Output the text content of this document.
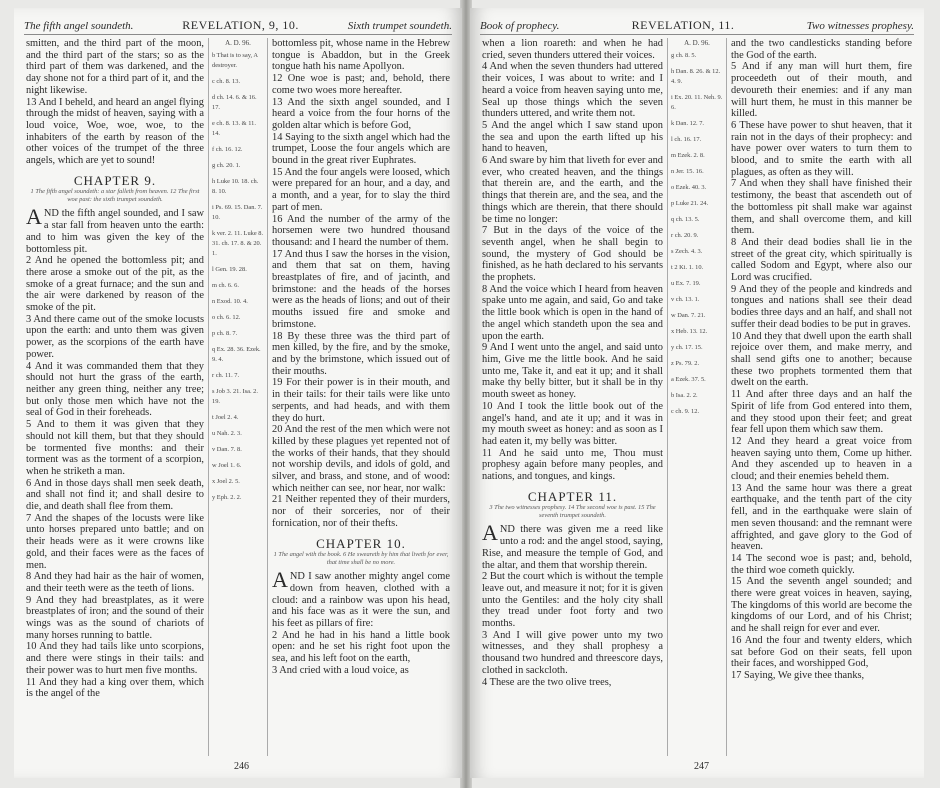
The fifth angel soundeth.	REVELATION, 9, 10.	Sixth trumpet soundeth.

smitten, and the third part of the moon, and the third part of the stars; so as the third part of them was darkened, and the day shone not for a third part of it, and the night likewise.

13 And I beheld, and heard an angel flying through the midst of heaven, saying with a loud voice, Woe, woe, woe, to the inhabiters of the earth by reason of the other voices of the trumpet of the three angels, which are yet to sound!

CHAPTER 9.
1 The fifth angel soundeth: a star falleth from heaven. 12 The first woe past: the sixth trumpet soundeth.

AND the fifth angel sounded, and I saw a star fall from heaven unto the earth: and to him was given the key of the bottomless pit.

2 And he opened the bottomless pit; and there arose a smoke out of the pit, as the smoke of a great furnace; and the sun and the air were darkened by reason of the smoke of the pit.

3 And there came out of the smoke locusts upon the earth: and unto them was given power, as the scorpions of the earth have power.

4 And it was commanded them that they should not hurt the grass of the earth, neither any green thing, neither any tree; but only those men which have not the seal of God in their foreheads.

5 And to them it was given that they should not kill them, but that they should be tormented five months: and their torment was as the torment of a scorpion, when he striketh a man.

6 And in those days shall men seek death, and shall not find it; and shall desire to die, and death shall flee from them.

7 And the shapes of the locusts were like unto horses prepared unto battle; and on their heads were as it were crowns like gold, and their faces were as the faces of men.

8 And they had hair as the hair of women, and their teeth were as the teeth of lions.

9 And they had breastplates, as it were breastplates of iron; and the sound of their wings was as the sound of chariots of many horses running to battle.

10 And they had tails like unto scorpions, and there were stings in their tails: and their power was to hurt men five months.

11 And they had a king over them, which is the angel of the

A. D. 96.

b That is to say, A destroyer.

c ch. 8. 13.

d ch. 14. 6. & 16. 17.

e ch. 8. 13. & 11. 14.

f ch. 16. 12.

g ch. 20. 1.

h Luke 10. 18. ch. 8. 10.

i Ps. 69. 15. Dan. 7. 10.

k ver. 2. 11. Luke 8. 31. ch. 17. 8. & 20. 1.

l Gen. 19. 28.

m ch. 6. 6.

n Exod. 10. 4.

o ch. 6. 12.

p ch. 8. 7.

q Ex. 28. 36. Ezek. 9. 4.

r ch. 11. 7.

s Job 3. 21. Isa. 2. 19.

t Joel 2. 4.

u Nah. 2. 3.

v Dan. 7. 8.

w Joel 1. 6.

x Joel 2. 5.

y Eph. 2. 2.

bottomless pit, whose name in the Hebrew tongue is Abaddon, but in the Greek tongue hath his name Apollyon.

12 One woe is past; and, behold, there come two woes more hereafter.

13 And the sixth angel sounded, and I heard a voice from the four horns of the golden altar which is before God,

14 Saying to the sixth angel which had the trumpet, Loose the four angels which are bound in the great river Euphrates.

15 And the four angels were loosed, which were prepared for an hour, and a day, and a month, and a year, for to slay the third part of men.

16 And the number of the army of the horsemen were two hundred thousand thousand: and I heard the number of them.

17 And thus I saw the horses in the vision, and them that sat on them, having breastplates of fire, and of jacinth, and brimstone: and the heads of the horses were as the heads of lions; and out of their mouths issued fire and smoke and brimstone.

18 By these three was the third part of men killed, by the fire, and by the smoke, and by the brimstone, which issued out of their mouths.

19 For their power is in their mouth, and in their tails: for their tails were like unto serpents, and had heads, and with them they do hurt.

20 And the rest of the men which were not killed by these plagues yet repented not of the works of their hands, that they should not worship devils, and idols of gold, and silver, and brass, and stone, and of wood: which neither can see, nor hear, nor walk:

21 Neither repented they of their murders, nor of their sorceries, nor of their fornication, nor of their thefts.

CHAPTER 10.
1 The angel with the book. 6 He sweareth by him that liveth for ever, that time shall be no more.

AND I saw another mighty angel come down from heaven, clothed with a cloud: and a rainbow was upon his head, and his face was as it were the sun, and his feet as pillars of fire:

2 And he had in his hand a little book open: and he set his right foot upon the sea, and his left foot on the earth,

3 And cried with a loud voice, as

246
Book of prophecy.	REVELATION, 11.	Two witnesses prophesy.

when a lion roareth: and when he had cried, seven thunders uttered their voices.

4 And when the seven thunders had uttered their voices, I was about to write: and I heard a voice from heaven saying unto me, Seal up those things which the seven thunders uttered, and write them not.

5 And the angel which I saw stand upon the sea and upon the earth lifted up his hand to heaven,

6 And sware by him that liveth for ever and ever, who created heaven, and the things that therein are, and the earth, and the things that therein are, and the sea, and the things which are therein, that there should be time no longer:

7 But in the days of the voice of the seventh angel, when he shall begin to sound, the mystery of God should be finished, as he hath declared to his servants the prophets.

8 And the voice which I heard from heaven spake unto me again, and said, Go and take the little book which is open in the hand of the angel which standeth upon the sea and upon the earth.

9 And I went unto the angel, and said unto him, Give me the little book. And he said unto me, Take it, and eat it up; and it shall make thy belly bitter, but it shall be in thy mouth sweet as honey.

10 And I took the little book out of the angel's hand, and ate it up; and it was in my mouth sweet as honey: and as soon as I had eaten it, my belly was bitter.

11 And he said unto me, Thou must prophesy again before many peoples, and nations, and tongues, and kings.

CHAPTER 11.
3 The two witnesses prophesy. 14 The second woe is past. 15 The seventh trumpet soundeth.

AND there was given me a reed like unto a rod: and the angel stood, saying, Rise, and measure the temple of God, and the altar, and them that worship therein.

2 But the court which is without the temple leave out, and measure it not; for it is given unto the Gentiles: and the holy city shall they tread under foot forty and two months.

3 And I will give power unto my two witnesses, and they shall prophesy a thousand two hundred and threescore days, clothed in sackcloth.

4 These are the two olive trees,

A. D. 96.

g ch. 8. 5.

h Dan. 8. 26. & 12. 4. 9.

i Ex. 20. 11. Neh. 9. 6.

k Dan. 12. 7.

l ch. 16. 17.

m Ezek. 2. 8.

n Jer. 15. 16.

o Ezek. 40. 3.

p Luke 21. 24.

q ch. 13. 5.

r ch. 20. 9.

s Zech. 4. 3.

t 2 Ki. 1. 10.

u Ex. 7. 19.

v ch. 13. 1.

w Dan. 7. 21.

x Heb. 13. 12.

y ch. 17. 15.

z Ps. 79. 2.

a Ezek. 37. 5.

b Isa. 2. 2.

c ch. 9. 12.

and the two candlesticks standing before the God of the earth.

5 And if any man will hurt them, fire proceedeth out of their mouth, and devoureth their enemies: and if any man will hurt them, he must in this manner be killed.

6 These have power to shut heaven, that it rain not in the days of their prophecy: and have power over waters to turn them to blood, and to smite the earth with all plagues, as often as they will.

7 And when they shall have finished their testimony, the beast that ascendeth out of the bottomless pit shall make war against them, and shall overcome them, and kill them.

8 And their dead bodies shall lie in the street of the great city, which spiritually is called Sodom and Egypt, where also our Lord was crucified.

9 And they of the people and kindreds and tongues and nations shall see their dead bodies three days and an half, and shall not suffer their dead bodies to be put in graves.

10 And they that dwell upon the earth shall rejoice over them, and make merry, and shall send gifts one to another; because these two prophets tormented them that dwelt on the earth.

11 And after three days and an half the Spirit of life from God entered into them, and they stood upon their feet; and great fear fell upon them which saw them.

12 And they heard a great voice from heaven saying unto them, Come up hither. And they ascended up to heaven in a cloud; and their enemies beheld them.

13 And the same hour was there a great earthquake, and the tenth part of the city fell, and in the earthquake were slain of men seven thousand: and the remnant were affrighted, and gave glory to the God of heaven.

14 The second woe is past; and, behold, the third woe cometh quickly.

15 And the seventh angel sounded; and there were great voices in heaven, saying, The kingdoms of this world are become the kingdoms of our Lord, and of his Christ; and he shall reign for ever and ever.

16 And the four and twenty elders, which sat before God on their seats, fell upon their faces, and worshipped God,

17 Saying, We give thee thanks,

247
